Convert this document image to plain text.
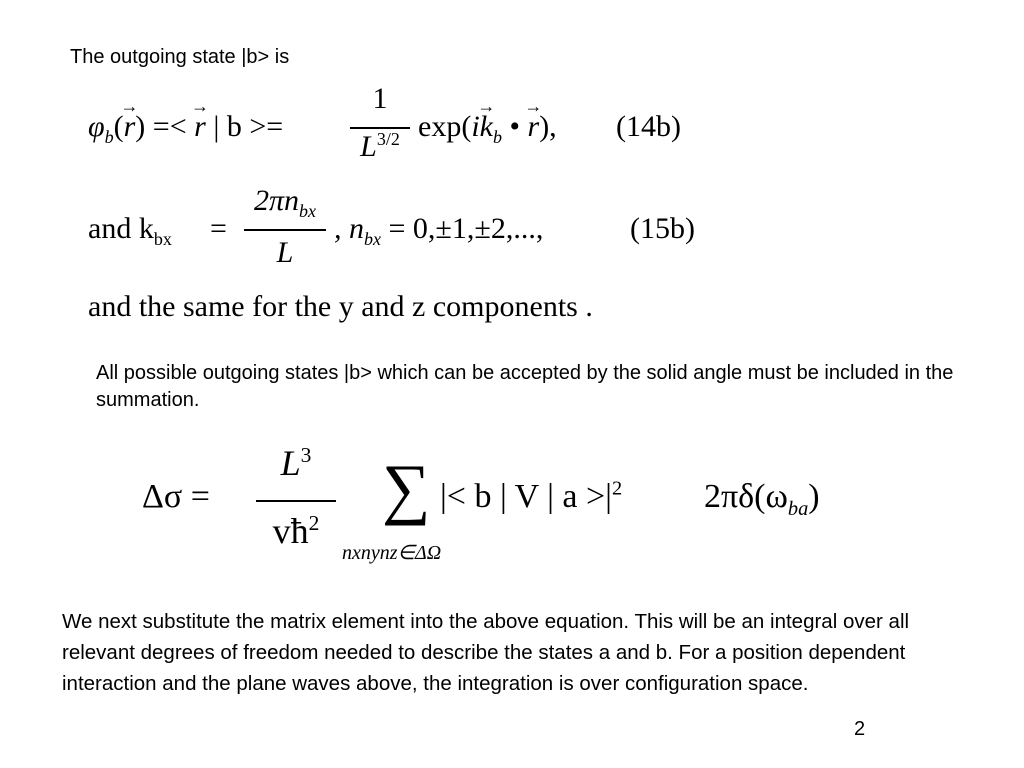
The outgoing state |b> is
$\varphi_b(\to r)$ =< → r | b >=
1
$L^{3/2}$ $\exp(i\to k_b$ • → r), (14b)
and $k_{bx}$ =
$2\pi n_{bx}$
L
, $n_{bx} = 0,\pm 1,\pm 2$,...,	(15b)
and the same for the y and z components .
All possible outgoing states |b> which can be accepted by the solid angle must be included in the summation.
Δσ =
$L^3$
$vħ^2$ ∑
nxnynz∈ΔΩ
|< b | V | $a >|^2$ $2\pi\delta(\omega_{ba})$
We next substitute the matrix element into the above equation. This will be an integral over all relevant degrees of freedom needed to describe the states a and b. For a position dependent interaction and the plane waves above, the integration is over configuration space.
2
